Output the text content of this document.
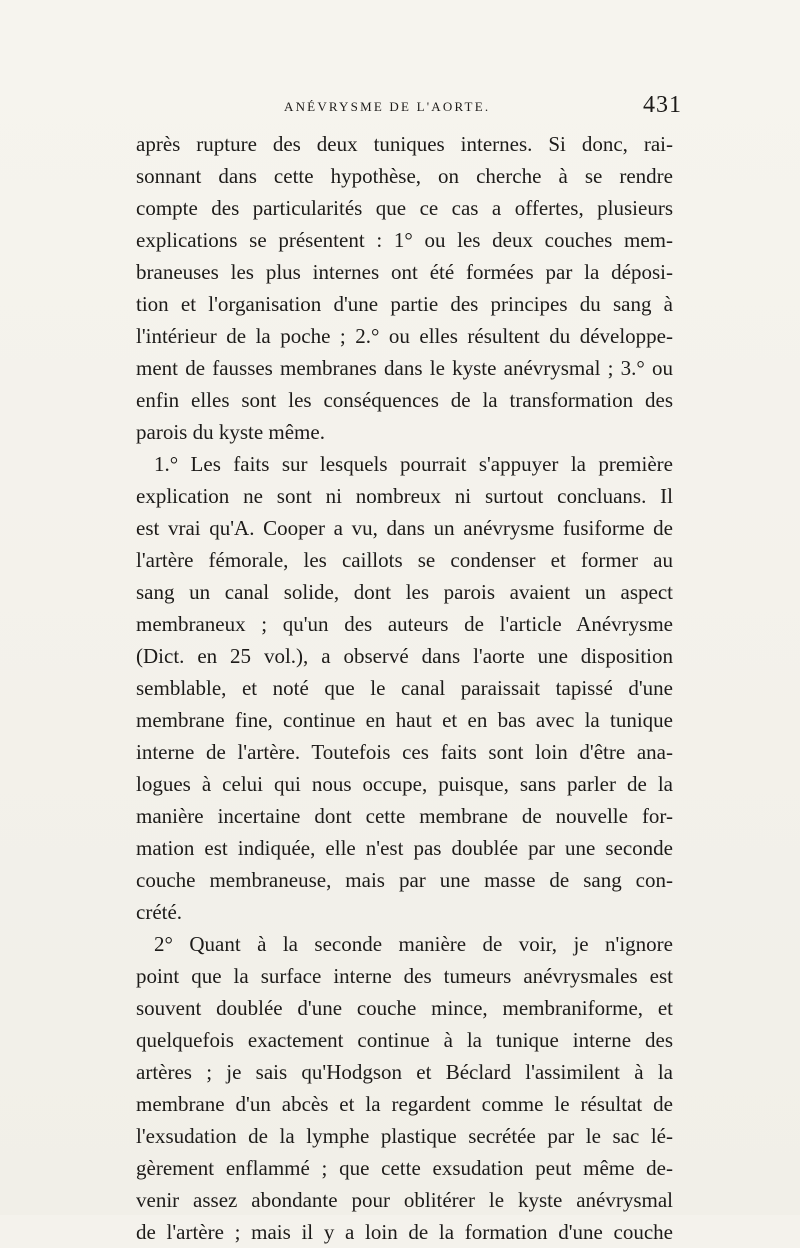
ANÉVRYSME DE L'AORTE.	431
après rupture des deux tuniques internes. Si donc, rai-
sonnant dans cette hypothèse, on cherche à se rendre
compte des particularités que ce cas a offertes, plusieurs
explications se présentent : 1° ou les deux couches mem-
braneuses les plus internes ont été formées par la déposi-
tion et l'organisation d'une partie des principes du sang à
l'intérieur de la poche ; 2.° ou elles résultent du développe-
ment de fausses membranes dans le kyste anévrysmal ; 3.° ou
enfin elles sont les conséquences de la transformation des
parois du kyste même.
1.° Les faits sur lesquels pourrait s'appuyer la première
explication ne sont ni nombreux ni surtout concluans. Il
est vrai qu'A. Cooper a vu, dans un anévrysme fusiforme de
l'artère fémorale, les caillots se condenser et former au
sang un canal solide, dont les parois avaient un aspect
membraneux ; qu'un des auteurs de l'article Anévrysme
(Dict. en 25 vol.), a observé dans l'aorte une disposition
semblable, et noté que le canal paraissait tapissé d'une
membrane fine, continue en haut et en bas avec la tunique
interne de l'artère. Toutefois ces faits sont loin d'être ana-
logues à celui qui nous occupe, puisque, sans parler de la
manière incertaine dont cette membrane de nouvelle for-
mation est indiquée, elle n'est pas doublée par une seconde
couche membraneuse, mais par une masse de sang con-
crété.
2° Quant à la seconde manière de voir, je n'ignore
point que la surface interne des tumeurs anévrysmales est
souvent doublée d'une couche mince, membraniforme, et
quelquefois exactement continue à la tunique interne des
artères ; je sais qu'Hodgson et Béclard l'assimilent à la
membrane d'un abcès et la regardent comme le résultat de
l'exsudation de la lymphe plastique secrétée par le sac lé-
gèrement enflammé ; que cette exsudation peut même de-
venir assez abondante pour oblitérer le kyste anévrysmal
de l'artère ; mais il y a loin de la formation d'une couche
